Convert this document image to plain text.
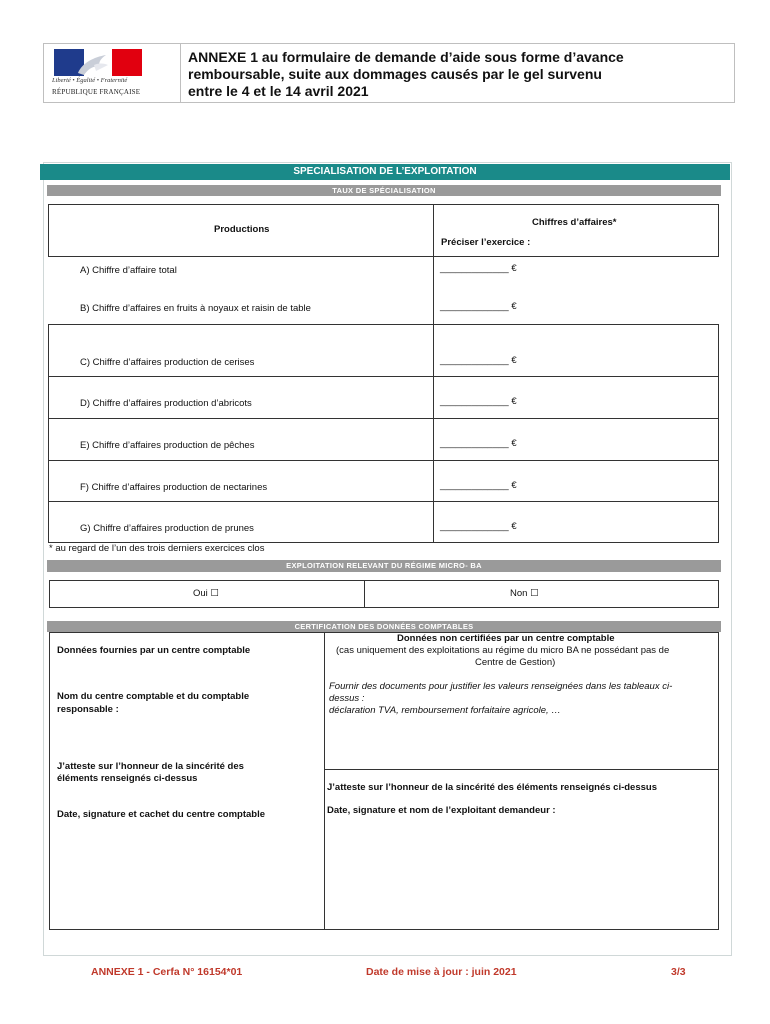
Liberté • Égalité • Fraternité
RÉPUBLIQUE FRANÇAISE
ANNEXE 1 au formulaire de demande d’aide sous forme d’avance
remboursable, suite aux dommages causés par le gel survenu
entre le 4 et le 14 avril 2021
SPECIALISATION DE L’EXPLOITATION
TAUX DE SPÉCIALISATION
Productions
Chiffres d’affaires*
Préciser l’exercice :
A) Chiffre d’affaire total	_____________ €
B) Chiffre d’affaires en fruits à noyaux et raisin de table	_____________ €
C) Chiffre d’affaires production de cerises	_____________ €
D) Chiffre d’affaires production d’abricots	_____________ €
E) Chiffre d’affaires production de pêches	_____________ €
F) Chiffre d’affaires production de nectarines	_____________ €
G) Chiffre d’affaires production de prunes	_____________ €
* au regard de l’un des trois derniers exercices clos
EXPLOITATION RELEVANT DU RÉGIME MICRO- BA
Oui ☐	Non ☐
CERTIFICATION DES DONNÉES COMPTABLES
Données fournies par un centre comptable
Nom du centre comptable et du comptable
responsable :
J’atteste sur l’honneur de la sincérité des
éléments renseignés ci-dessus
Date, signature et cachet du centre comptable
Données non certifiées par un centre comptable
(cas uniquement des exploitations au régime du micro BA ne possédant pas de
Centre de Gestion)
Fournir des documents pour justifier les valeurs renseignées dans les tableaux ci-
dessus :
déclaration TVA, remboursement forfaitaire agricole, …
J’atteste sur l’honneur de la sincérité des éléments renseignés ci-dessus
Date, signature et nom de l’exploitant demandeur :
ANNEXE 1 - Cerfa N° 16154*01	Date de mise à jour : juin 2021	3/3
